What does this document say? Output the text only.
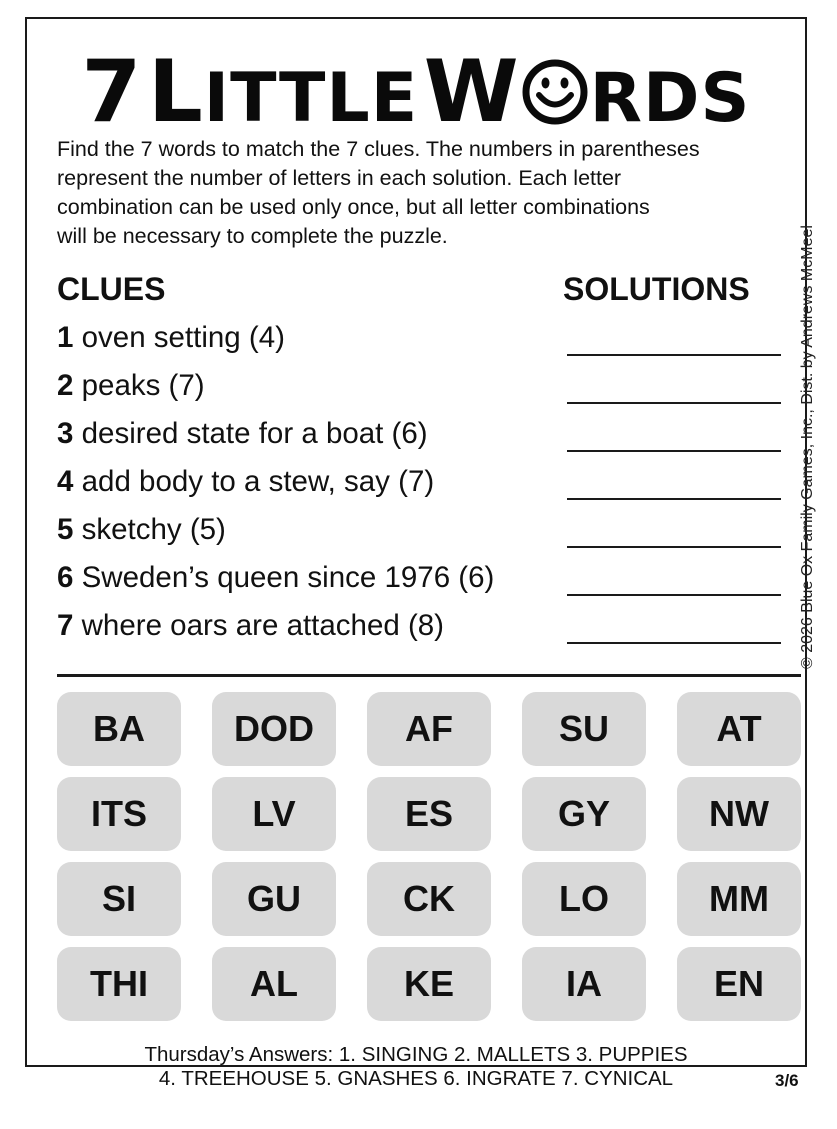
7 LITTLE W RDS
Find the 7 words to match the 7 clues. The numbers in parentheses
represent the number of letters in each solution. Each letter
combination can be used only once, but all letter combinations
will be necessary to complete the puzzle.	© 2026 Blue Ox Family Games, Inc., Dist. by Andrews McMeel
CLUES	SOLUTIONS
1 oven setting (4)
2 peaks (7)
3 desired state for a boat (6)
4 add body to a stew, say (7)
5 sketchy (5)
6 Sweden’s queen since 1976 (6)
7 where oars are attached (8)
BA	DOD	AF	SU	AT
ITS	LV	ES	GY	NW
SI	GU	CK	LO	MM
THI	AL	KE	IA	EN
Thursday’s Answers: 1. SINGING 2. MALLETS 3. PUPPIES
4. TREEHOUSE 5. GNASHES 6. INGRATE 7. CYNICAL	3/6
